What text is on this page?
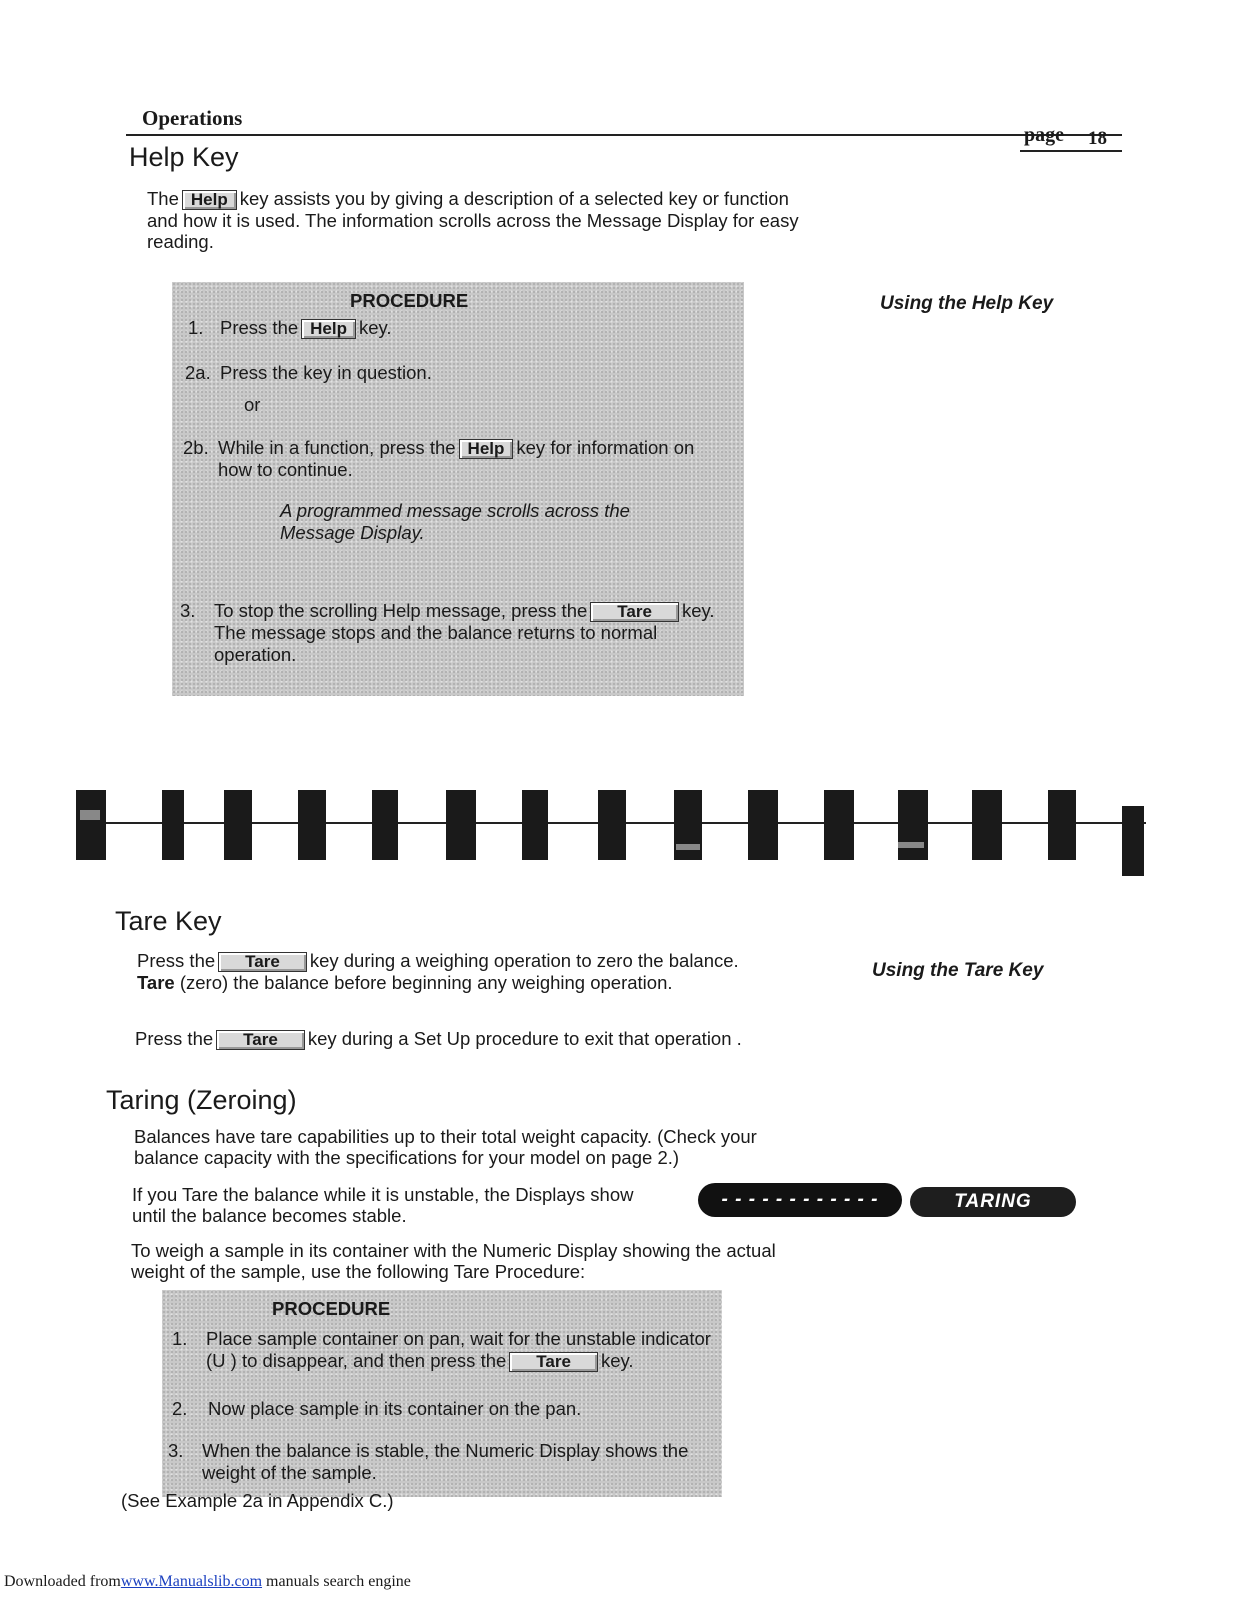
Operations
page 18
Help Key
The Help key assists you by giving a description of a selected key or function
and how it is used. The information scrolls across the Message Display for easy
reading.
Using the Help Key
PROCEDURE
1. Press the Help key.
2a. Press the key in question.
or
2b. While in a function, press the Help key for information on
how to continue.
A programmed message scrolls across the
Message Display.
3. To stop the scrolling Help message, press the Tare key.
The message stops and the balance returns to normal operation.
Tare Key
Press the Tare key during a weighing operation to zero the balance.
Tare (zero) the balance before beginning any weighing operation.
Using the Tare Key
Press the Tare key during a Set Up procedure to exit that operation .
Taring (Zeroing)
Balances have tare capabilities up to their total weight capacity. (Check your
balance capacity with the specifications for your model on page 2.)
If you Tare the balance while it is unstable, the Displays show
until the balance becomes stable.
- - - - - - - - - - - -	TARING
To weigh a sample in its container with the Numeric Display showing the actual
weight of the sample, use the following Tare Procedure:
PROCEDURE
1. Place sample container on pan, wait for the unstable indicator
(U ) to disappear, and then press the Tare key.
2. Now place sample in its container on the pan.
3. When the balance is stable, the Numeric Display shows the
weight of the sample.
(See Example 2a in Appendix C.)
Downloaded fromwww.Manualslib.com manuals search engine
